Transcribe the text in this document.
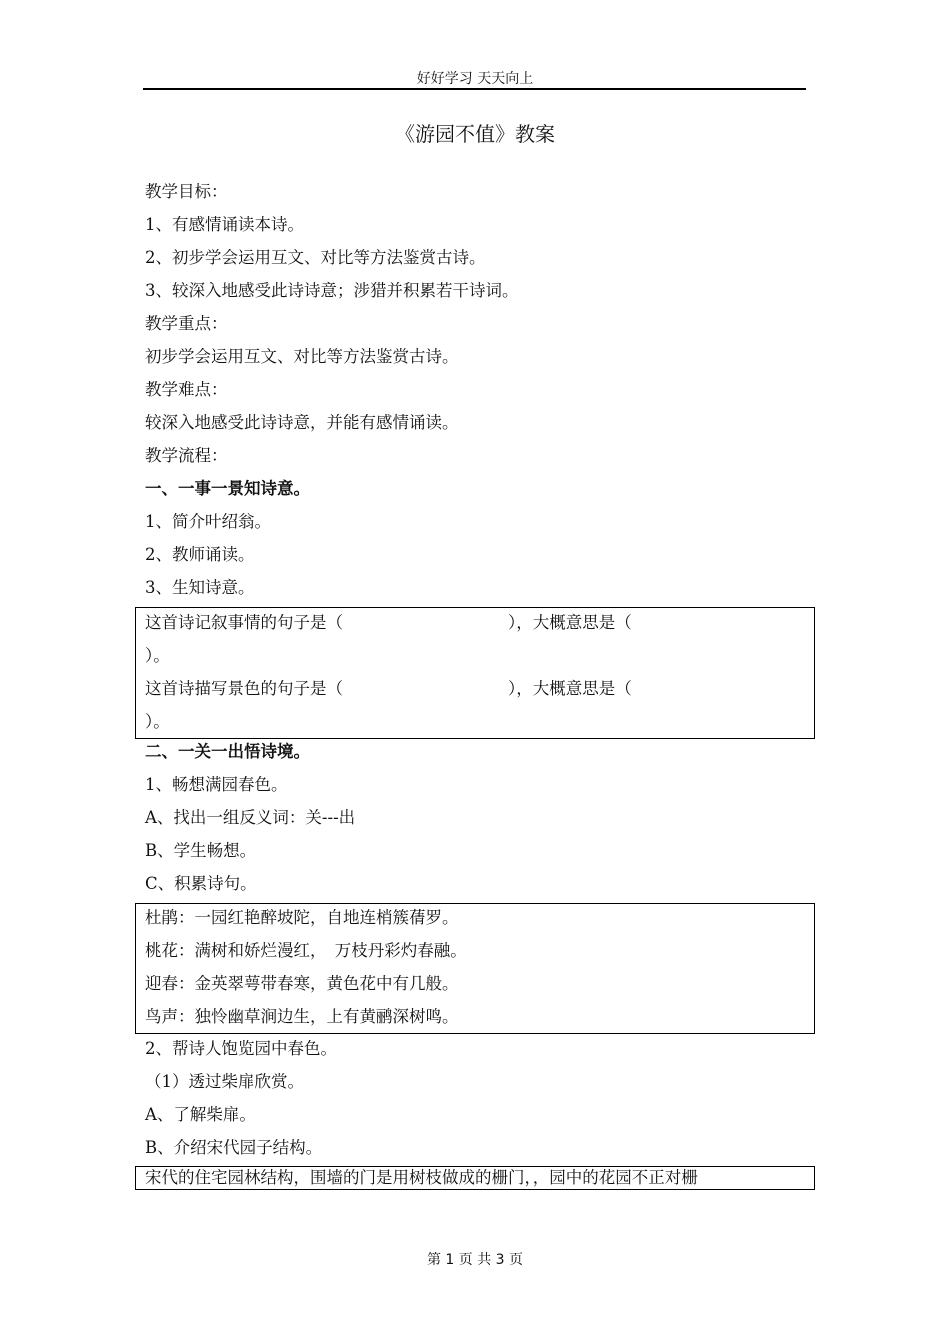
好好学习 天天向上
《游园不值》教案
教学目标：
1、有感情诵读本诗。
2、初步学会运用互文、对比等方法鉴赏古诗。
3、较深入地感受此诗诗意；涉猎并积累若干诗词。
教学重点：
初步学会运用互文、对比等方法鉴赏古诗。
教学难点：
较深入地感受此诗诗意，并能有感情诵读。
教学流程：
一、一事一景知诗意。
1、简介叶绍翁。
2、教师诵读。
3、生知诗意。
这首诗记叙事情的句子是（　　　　　　　　　　），大概意思是（
）。
这首诗描写景色的句子是（　　　　　　　　　　），大概意思是（
）。
二、一关一出悟诗境。
1、畅想满园春色。
A、找出一组反义词：关---出
B、学生畅想。
C、积累诗句。
杜鹃：一园红艳醉坡陀，自地连梢簇蒨罗。
桃花：满树和娇烂漫红，　万枝丹彩灼春融。
迎春：金英翠萼带春寒，黄色花中有几般。
鸟声：独怜幽草涧边生，上有黄鹂深树鸣。
2、帮诗人饱览园中春色。
（1）透过柴扉欣赏。
A、了解柴扉。
B、介绍宋代园子结构。
宋代的住宅园林结构，围墙的门是用树枝做成的栅门，，园中的花园不正对栅
第 1 页 共 3 页
